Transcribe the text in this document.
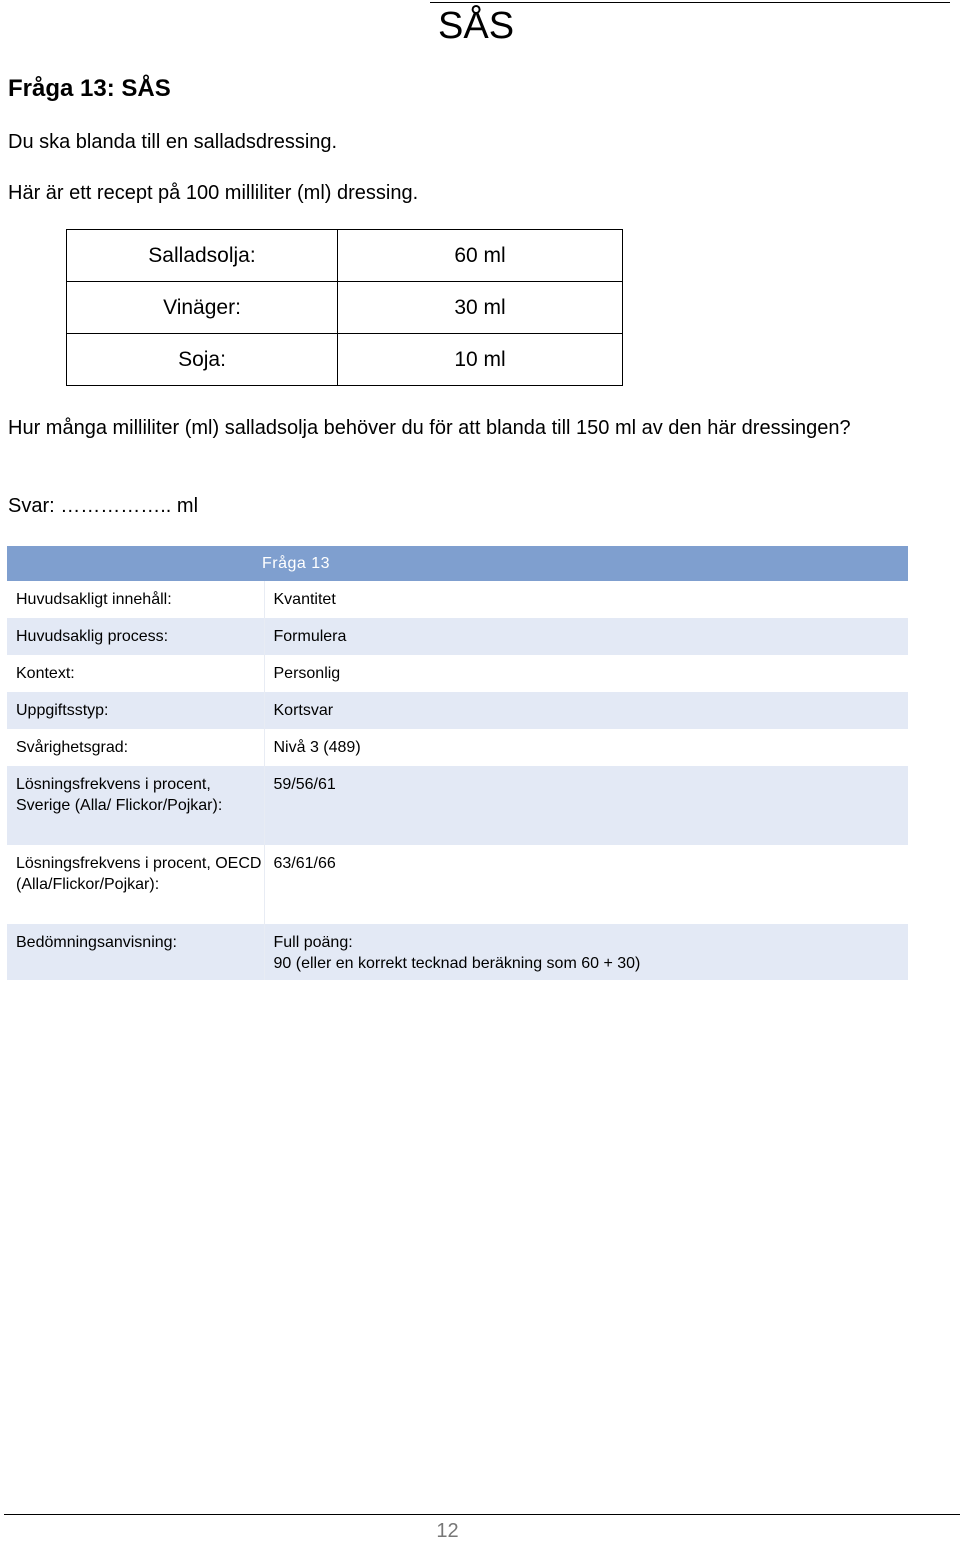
SÅS
Fråga 13: SÅS
Du ska blanda till en salladsdressing.
Här är ett recept på 100 milliliter (ml) dressing.
Salladsolja:	60 ml
Vinäger:	30 ml
Soja:	10 ml
Hur många milliliter (ml) salladsolja behöver du för att blanda till 150 ml av den här dressingen?
Svar: …………….. ml
Fråga 13	
Huvudsakligt innehåll:	Kvantitet
Huvudsaklig process:	Formulera
Kontext:	Personlig
Uppgiftsstyp:	Kortsvar
Svårighetsgrad:	Nivå 3 (489)
Lösningsfrekvens i procent, Sverige (Alla/ Flickor/Pojkar):	59/56/61
Lösningsfrekvens i procent, OECD (Alla/Flickor/Pojkar):	63/61/66
Bedömningsanvisning:	Full poäng:
90 (eller en korrekt tecknad beräkning som 60 + 30)
12
